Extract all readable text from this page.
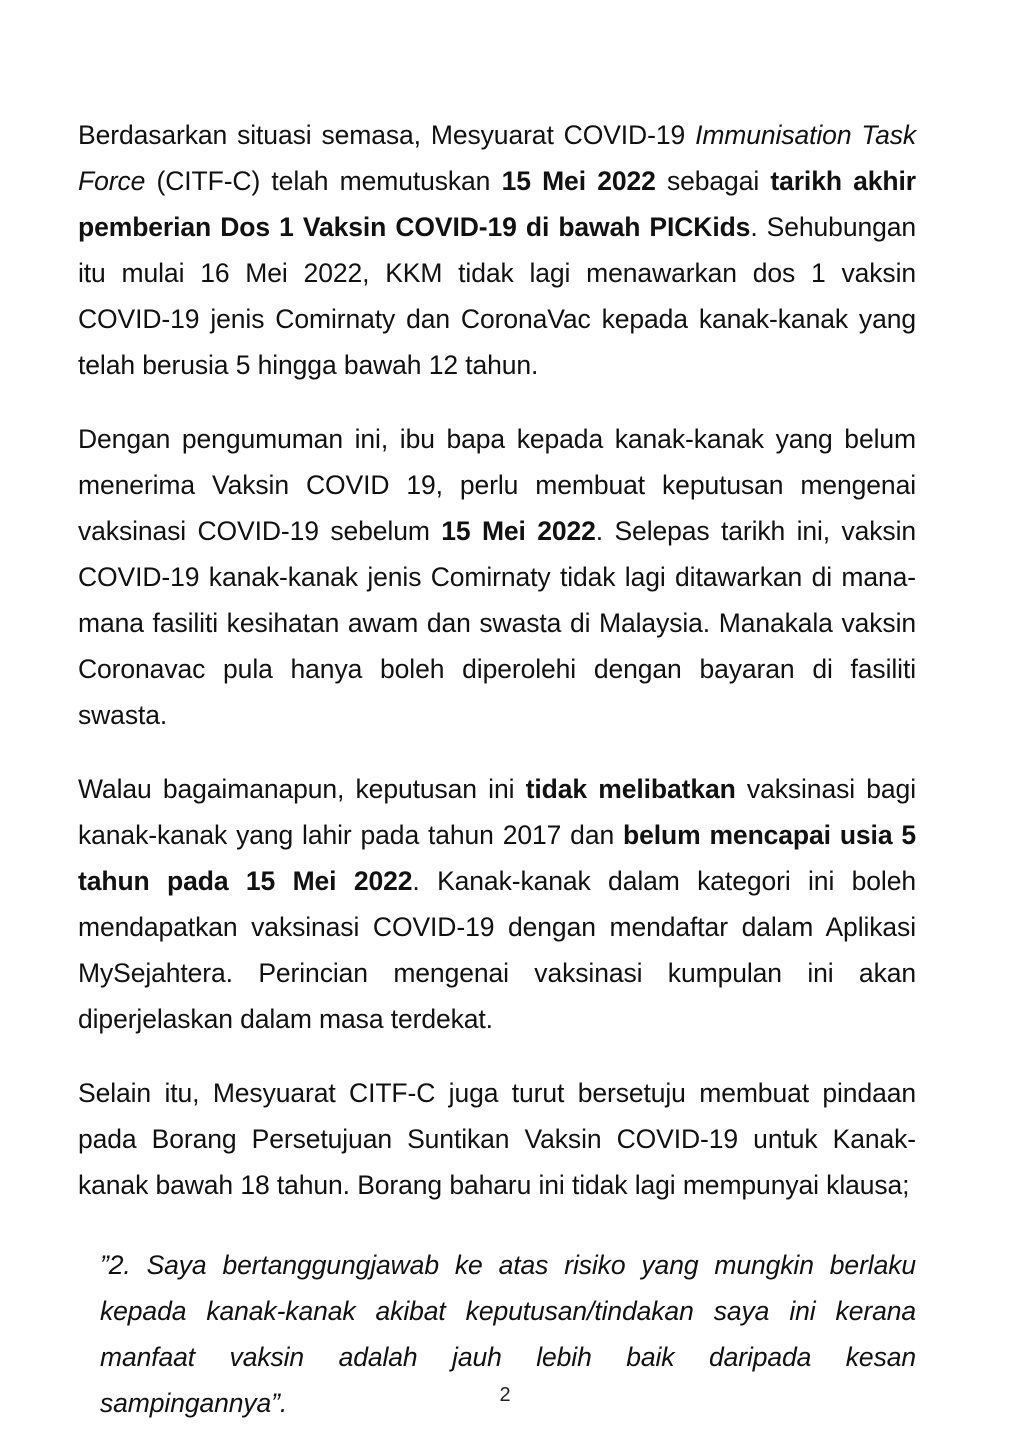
Berdasarkan situasi semasa, Mesyuarat COVID-19 Immunisation Task Force (CITF-C) telah memutuskan 15 Mei 2022 sebagai tarikh akhir pemberian Dos 1 Vaksin COVID-19 di bawah PICKids. Sehubungan itu mulai 16 Mei 2022, KKM tidak lagi menawarkan dos 1 vaksin COVID-19 jenis Comirnaty dan CoronaVac kepada kanak-kanak yang telah berusia 5 hingga bawah 12 tahun.

Dengan pengumuman ini, ibu bapa kepada kanak-kanak yang belum menerima Vaksin COVID 19, perlu membuat keputusan mengenai vaksinasi COVID-19 sebelum 15 Mei 2022. Selepas tarikh ini, vaksin COVID-19 kanak-kanak jenis Comirnaty tidak lagi ditawarkan di mana-mana fasiliti kesihatan awam dan swasta di Malaysia. Manakala vaksin Coronavac pula hanya boleh diperolehi dengan bayaran di fasiliti swasta.

Walau bagaimanapun, keputusan ini tidak melibatkan vaksinasi bagi kanak-kanak yang lahir pada tahun 2017 dan belum mencapai usia 5 tahun pada 15 Mei 2022. Kanak-kanak dalam kategori ini boleh mendapatkan vaksinasi COVID-19 dengan mendaftar dalam Aplikasi MySejahtera. Perincian mengenai vaksinasi kumpulan ini akan diperjelaskan dalam masa terdekat.

Selain itu, Mesyuarat CITF-C juga turut bersetuju membuat pindaan pada Borang Persetujuan Suntikan Vaksin COVID-19 untuk Kanak-kanak bawah 18 tahun. Borang baharu ini tidak lagi mempunyai klausa;

”2. Saya bertanggungjawab ke atas risiko yang mungkin berlaku kepada kanak-kanak akibat keputusan/tindakan saya ini kerana manfaat vaksin adalah jauh lebih baik daripada kesan sampingannya”.	2
